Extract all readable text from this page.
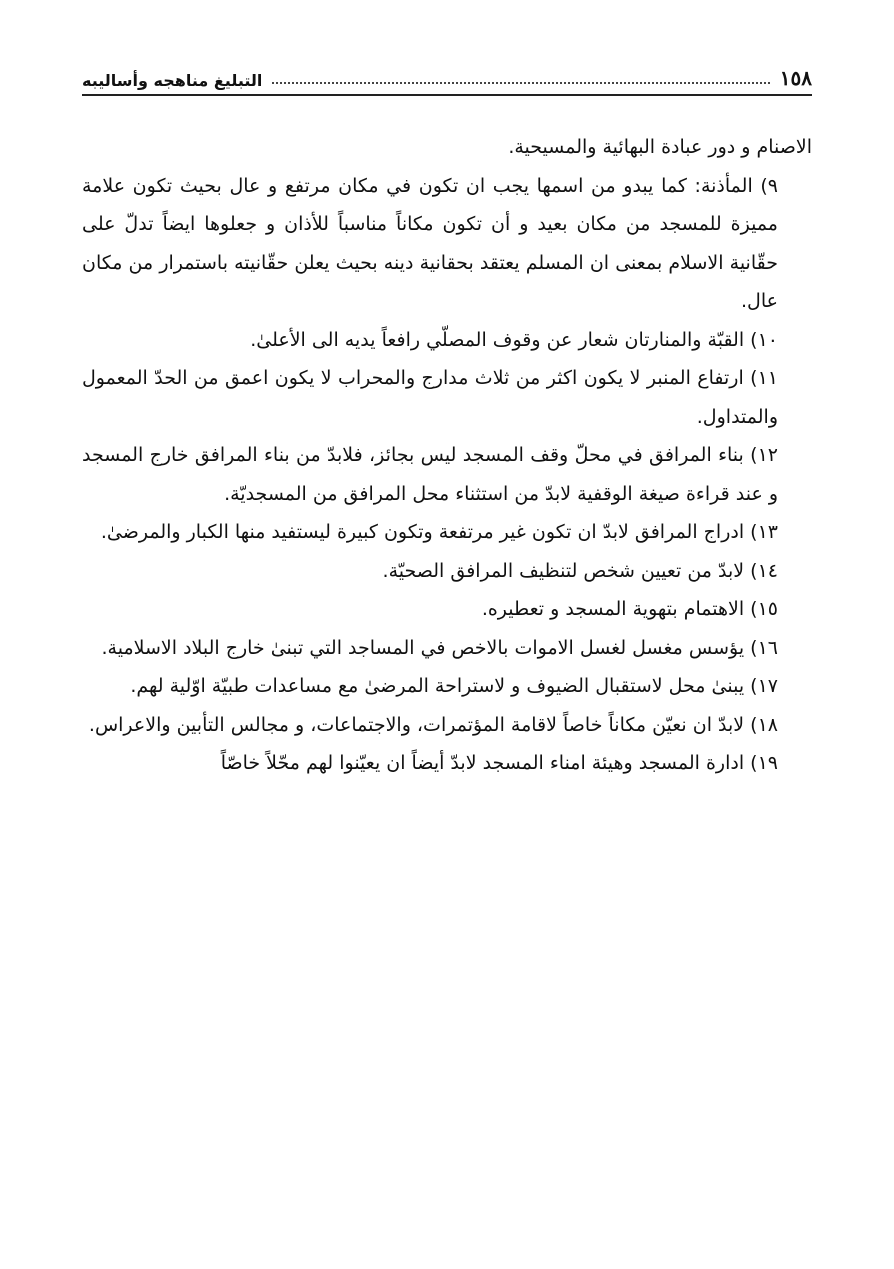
١٥٨
التبليغ مناهجه وأساليبه

الاصنام و دور عبادة البهائية والمسيحية.

٩) المأذنة: كما يبدو من اسمها يجب ان تكون في مكان مرتفع و عال بحيث تكون علامة مميزة للمسجد من مكان بعيد و أن تكون مكاناً مناسباً للأذان و جعلوها ايضاً تدلّ على حقّانية الاسلام بمعنى ان المسلم يعتقد بحقانية دينه بحيث يعلن حقّانيته باستمرار من مكان عال.

١٠) القبّة والمنارتان شعار عن وقوف المصلّي رافعاً يديه الى الأعلىٰ.

١١) ارتفاع المنبر لا يكون اكثر من ثلاث مدارج والمحراب لا يكون اعمق من الحدّ المعمول والمتداول.

١٢) بناء المرافق في محلّ وقف المسجد ليس بجائز، فلابدّ من بناء المرافق خارج المسجد و عند قراءة صيغة الوقفية لابدّ من استثناء محل المرافق من المسجديّة.

١٣) ادراج المرافق لابدّ ان تكون غير مرتفعة وتكون كبيرة ليستفيد منها الكبار والمرضىٰ.

١٤) لابدّ من تعيين شخص لتنظيف المرافق الصحيّة.

١٥) الاهتمام بتهوية المسجد و تعطيره.

١٦) يؤسس مغسل لغسل الاموات بالاخص في المساجد التي تبنىٰ خارج البلاد الاسلامية.

١٧) يبنىٰ محل لاستقبال الضيوف و لاستراحة المرضىٰ مع مساعدات طبيّة اوّلية لهم.

١٨) لابدّ ان نعيّن مكاناً خاصاً لاقامة المؤتمرات، والاجتماعات، و مجالس التأبين والاعراس.

١٩) ادارة المسجد وهيئة امناء المسجد لابدّ أيضاً ان يعيّنوا لهم محّلاً خاصّاً
